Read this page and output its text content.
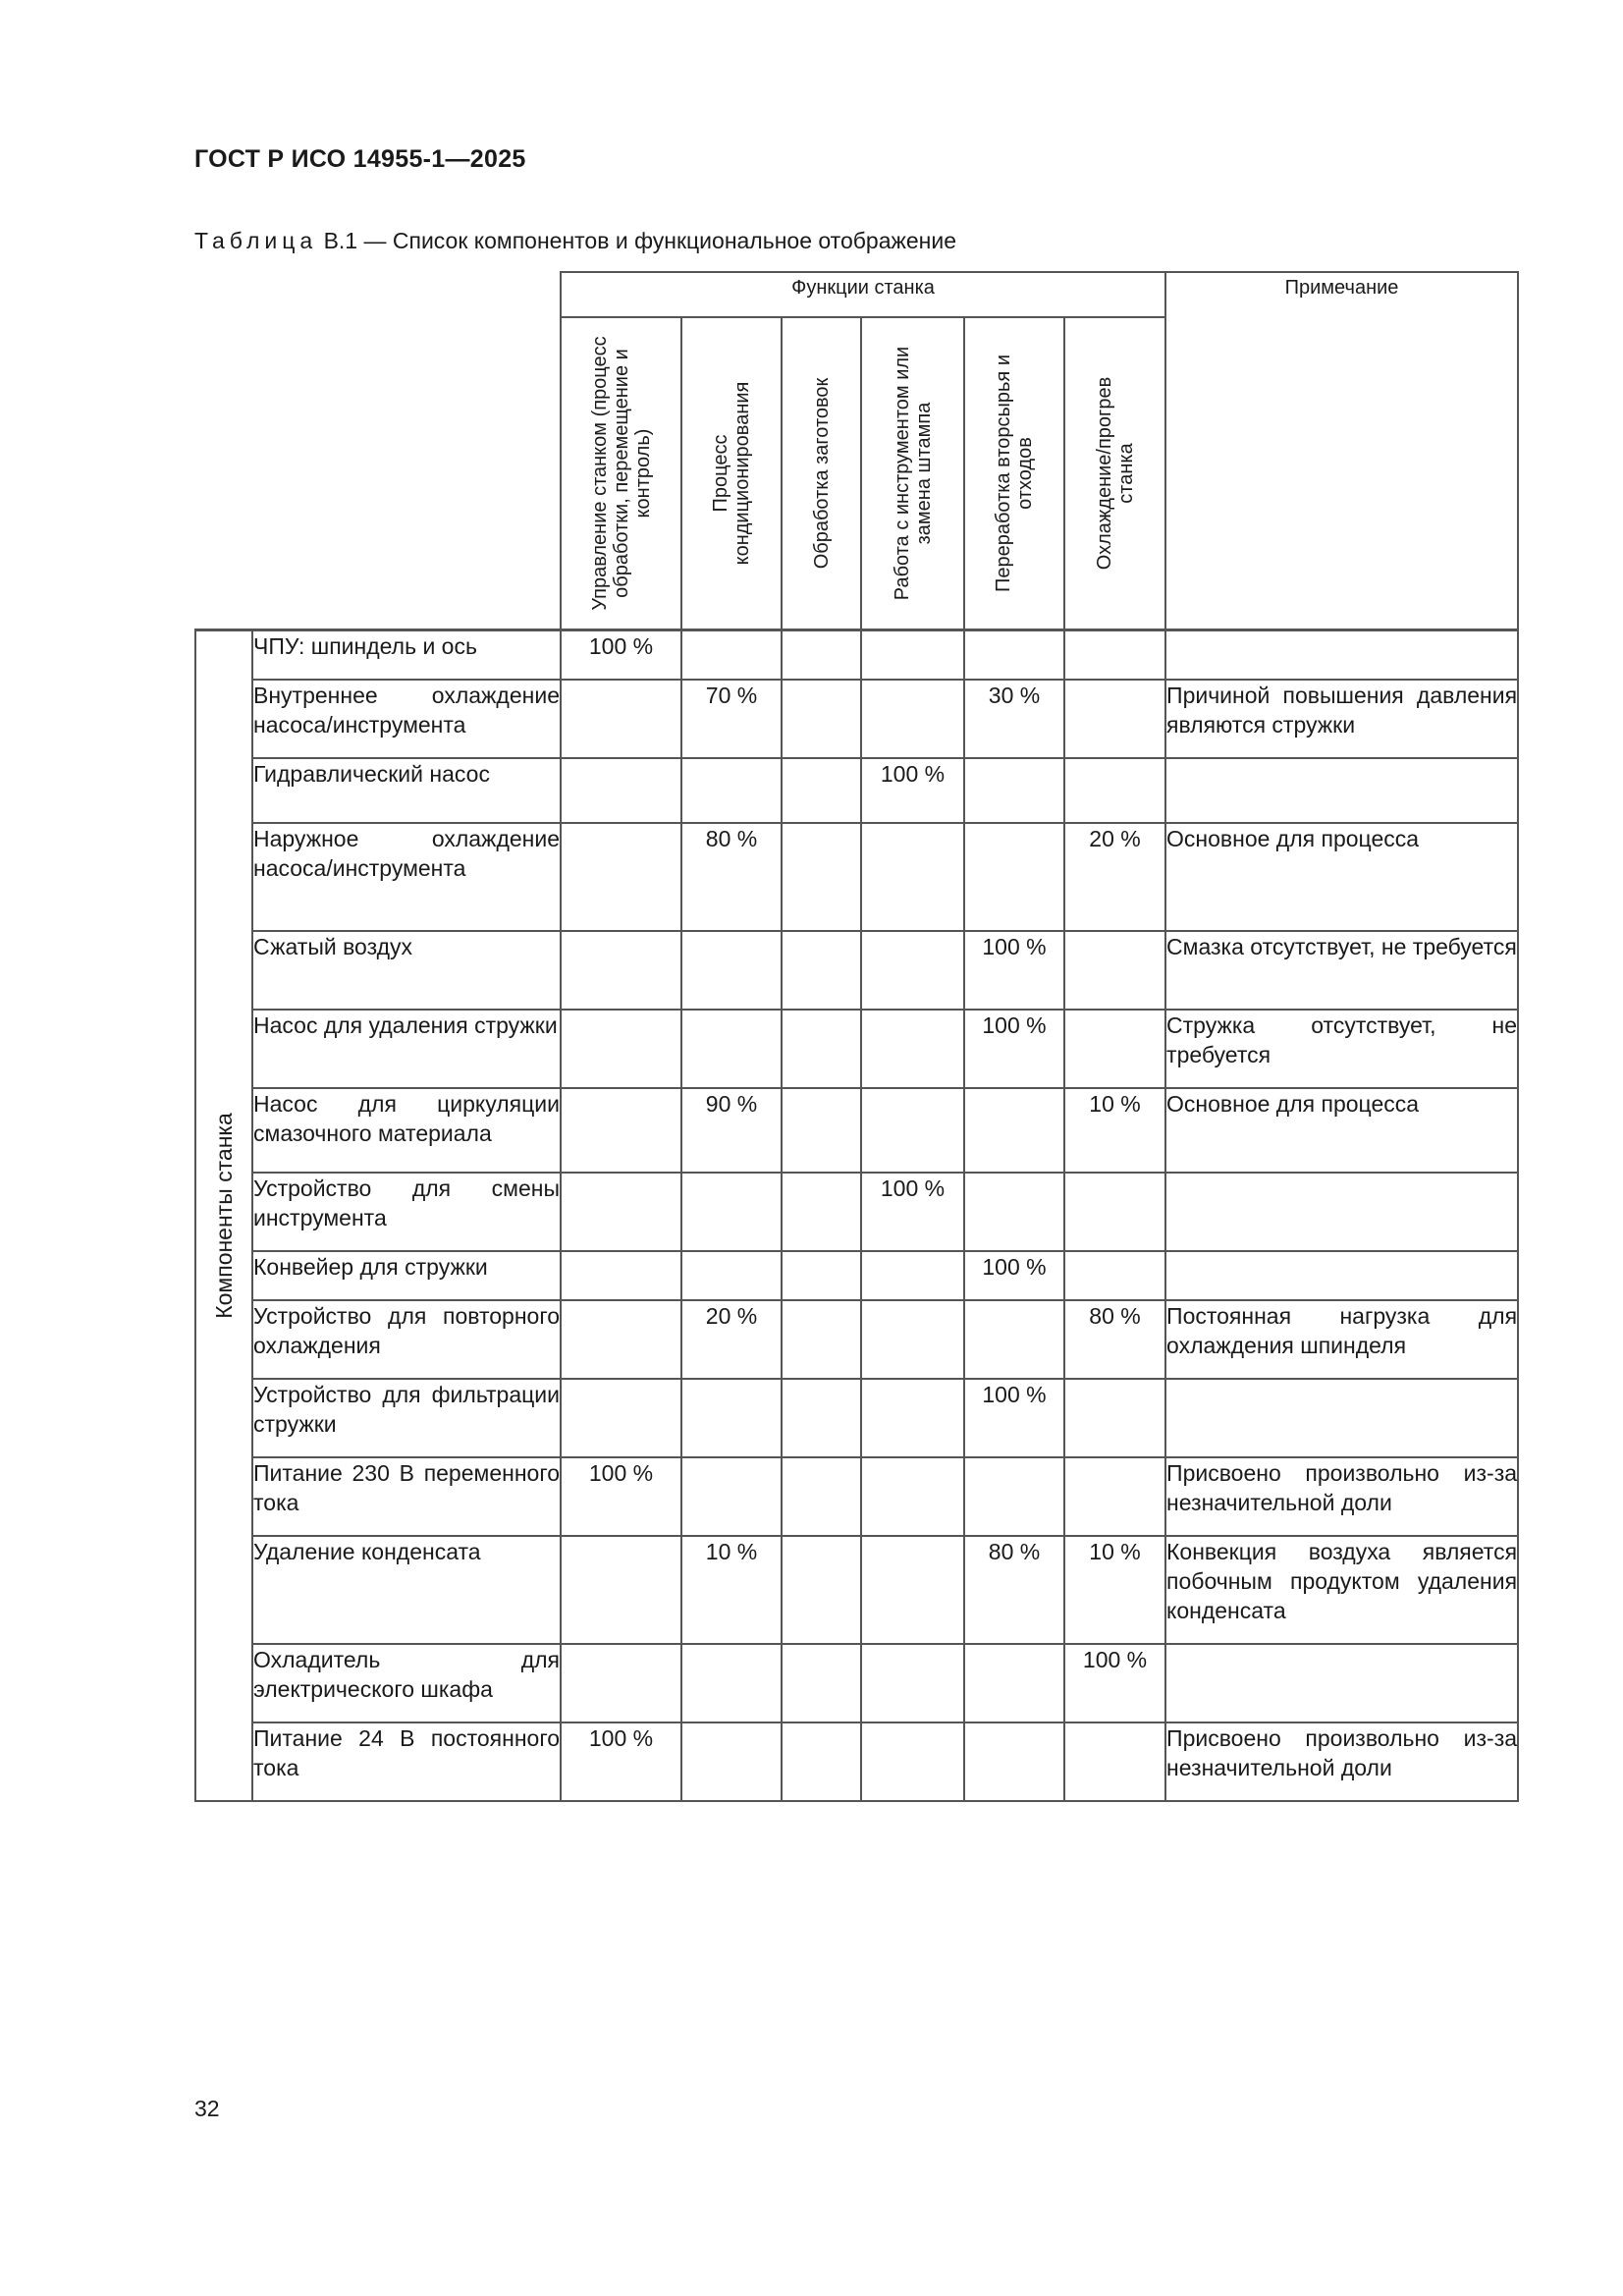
ГОСТ Р ИСО 14955-1—2025
Таблица В.1 — Список компонентов и функциональное отображение
		Функции станка						Примечание

		Управление станком (процесс обработки, перемещение и контроль)	Процесс кондиционирования	Обработка заготовок	Работа с инструментом или замена штампа	Переработка вторсырья и отходов	Охлаждение/прогрев станка	

Компоненты станка	ЧПУ: шпиндель и ось	100 %						
	Внутреннее охлаждение насоса/инструмента		70 %			30 %		Причиной повышения давления являются стружки
	Гидравлический насос				100 %			
	Наружное охлаждение насоса/инструмента		80 %				20 %	Основное для процесса
	Сжатый воздух					100 %		Смазка отсутствует, не требуется
	Насос для удаления стружки					100 %		Стружка отсутствует, не требуется
	Насос для циркуляции смазочного материала		90 %				10 %	Основное для процесса
	Устройство для смены инструмента				100 %			
	Конвейер для стружки					100 %		
	Устройство для повторного охлаждения		20 %				80 %	Постоянная нагрузка для охлаждения шпинделя
	Устройство для фильтрации стружки					100 %		
	Питание 230 В переменного тока	100 %						Присвоено произвольно из-за незначительной доли
	Удаление конденсата		10 %			80 %	10 %	Конвекция воздуха является побочным продуктом удаления конденсата
	Охладитель для электрического шкафа						100 %	
	Питание 24 В постоянного тока	100 %						Присвоено произвольно из-за незначительной доли
32
